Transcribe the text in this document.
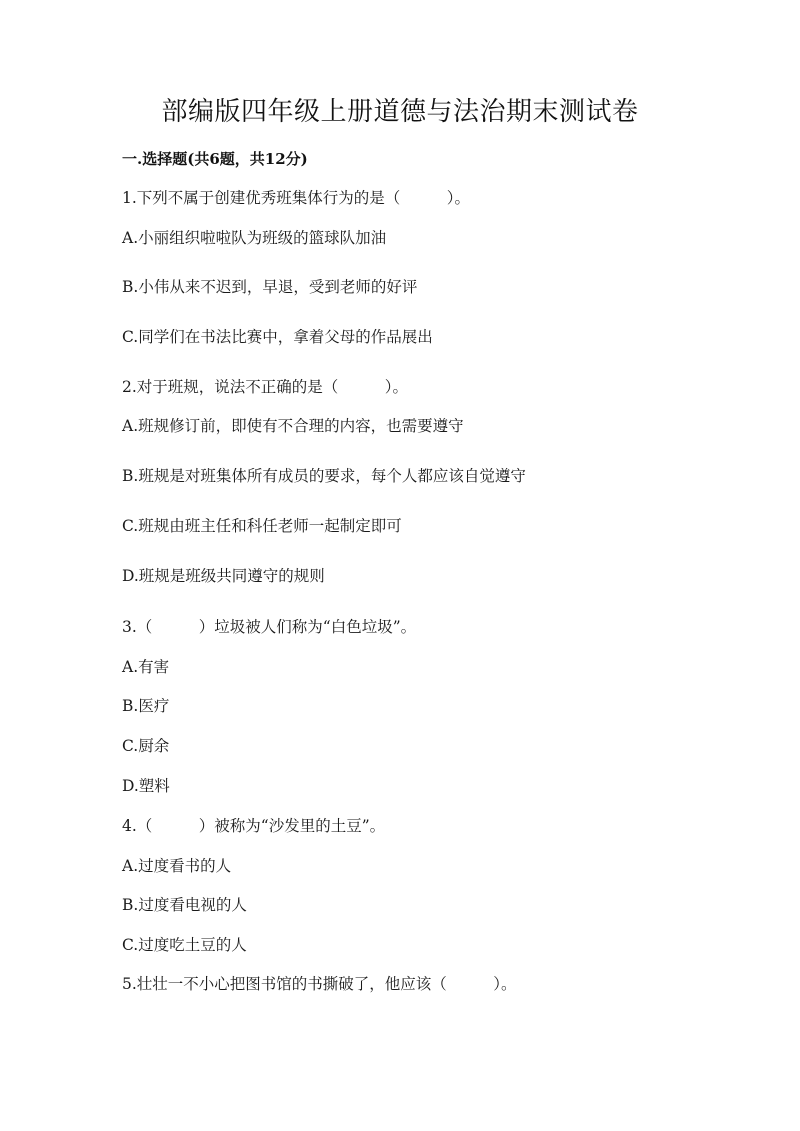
部编版四年级上册道德与法治期末测试卷
一.选择题(共6题，共12分)
1.下列不属于创建优秀班集体行为的是（　　　）。
A.小丽组织啦啦队为班级的篮球队加油
B.小伟从来不迟到，早退，受到老师的好评
C.同学们在书法比赛中，拿着父母的作品展出
2.对于班规，说法不正确的是（　　　）。
A.班规修订前，即使有不合理的内容，也需要遵守
B.班规是对班集体所有成员的要求，每个人都应该自觉遵守
C.班规由班主任和科任老师一起制定即可
D.班规是班级共同遵守的规则
3.（　　　）垃圾被人们称为“白色垃圾”。
A.有害
B.医疗
C.厨余
D.塑料
4.（　　　）被称为“沙发里的土豆”。
A.过度看书的人
B.过度看电视的人
C.过度吃土豆的人
5.壮壮一不小心把图书馆的书撕破了，他应该（　　　）。
